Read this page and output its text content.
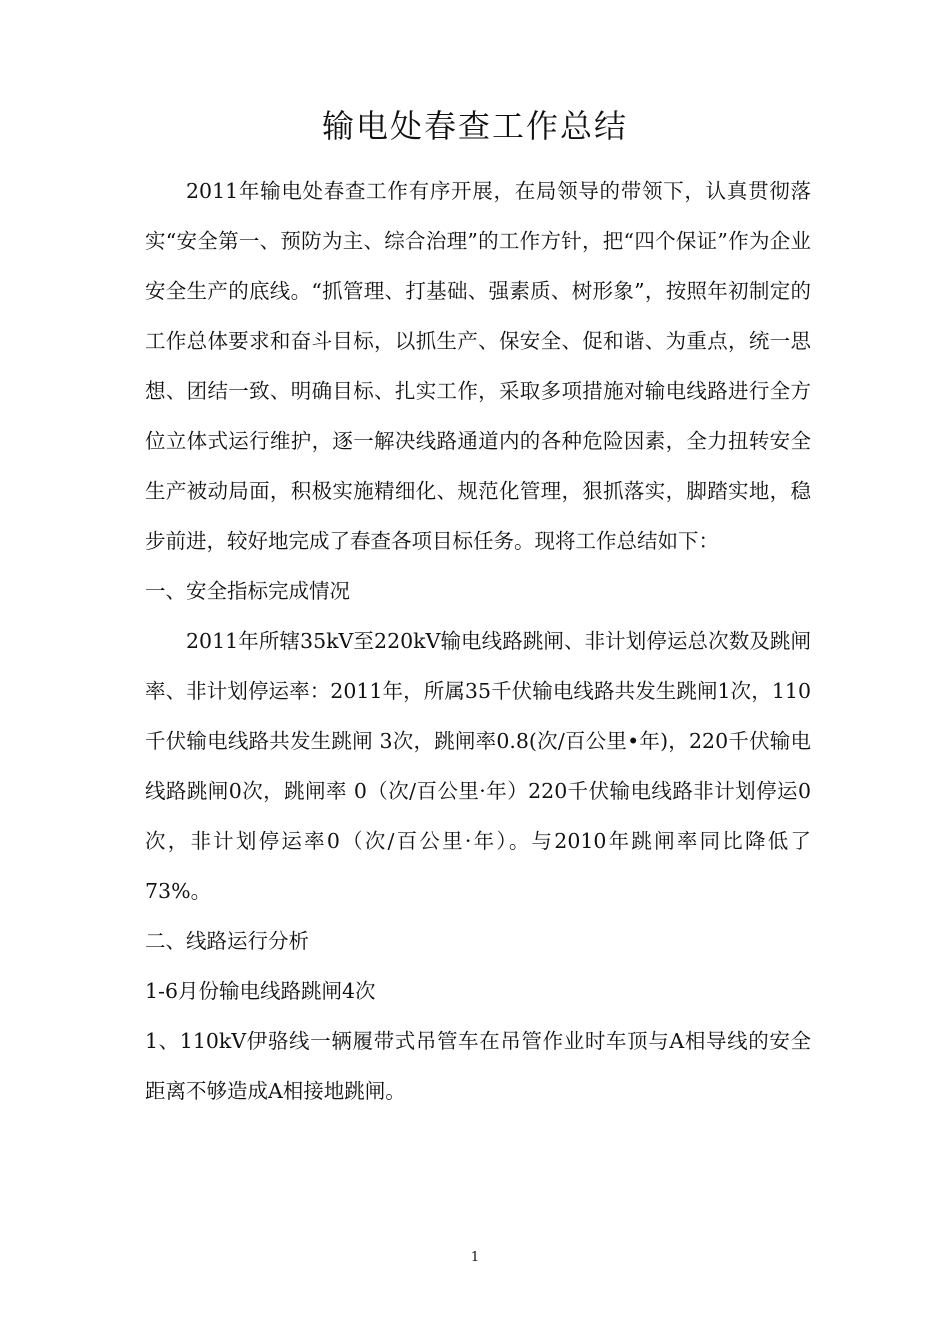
输电处春查工作总结

2011年输电处春查工作有序开展，在局领导的带领下，认真贯彻落实“安全第一、预防为主、综合治理”的工作方针，把“四个保证”作为企业安全生产的底线。“抓管理、打基础、强素质、树形象”，按照年初制定的工作总体要求和奋斗目标，以抓生产、保安全、促和谐、为重点，统一思想、团结一致、明确目标、扎实工作，采取多项措施对输电线路进行全方位立体式运行维护，逐一解决线路通道内的各种危险因素，全力扭转安全生产被动局面，积极实施精细化、规范化管理，狠抓落实，脚踏实地，稳步前进，较好地完成了春查各项目标任务。现将工作总结如下：

一、安全指标完成情况

2011年所辖35kV至220kV输电线路跳闸、非计划停运总次数及跳闸率、非计划停运率：2011年，所属35千伏输电线路共发生跳闸1次，110千伏输电线路共发生跳闸 3次，跳闸率0.8(次/百公里•年)，220千伏输电线路跳闸0次，跳闸率 0（次/百公里·年）220千伏输电线路非计划停运0次，非计划停运率0（次/百公里·年）。与2010年跳闸率同比降低了73%。

二、线路运行分析

1-6月份输电线路跳闸4次

1、110kV伊骆线一辆履带式吊管车在吊管作业时车顶与A相导线的安全距离不够造成A相接地跳闸。

1
